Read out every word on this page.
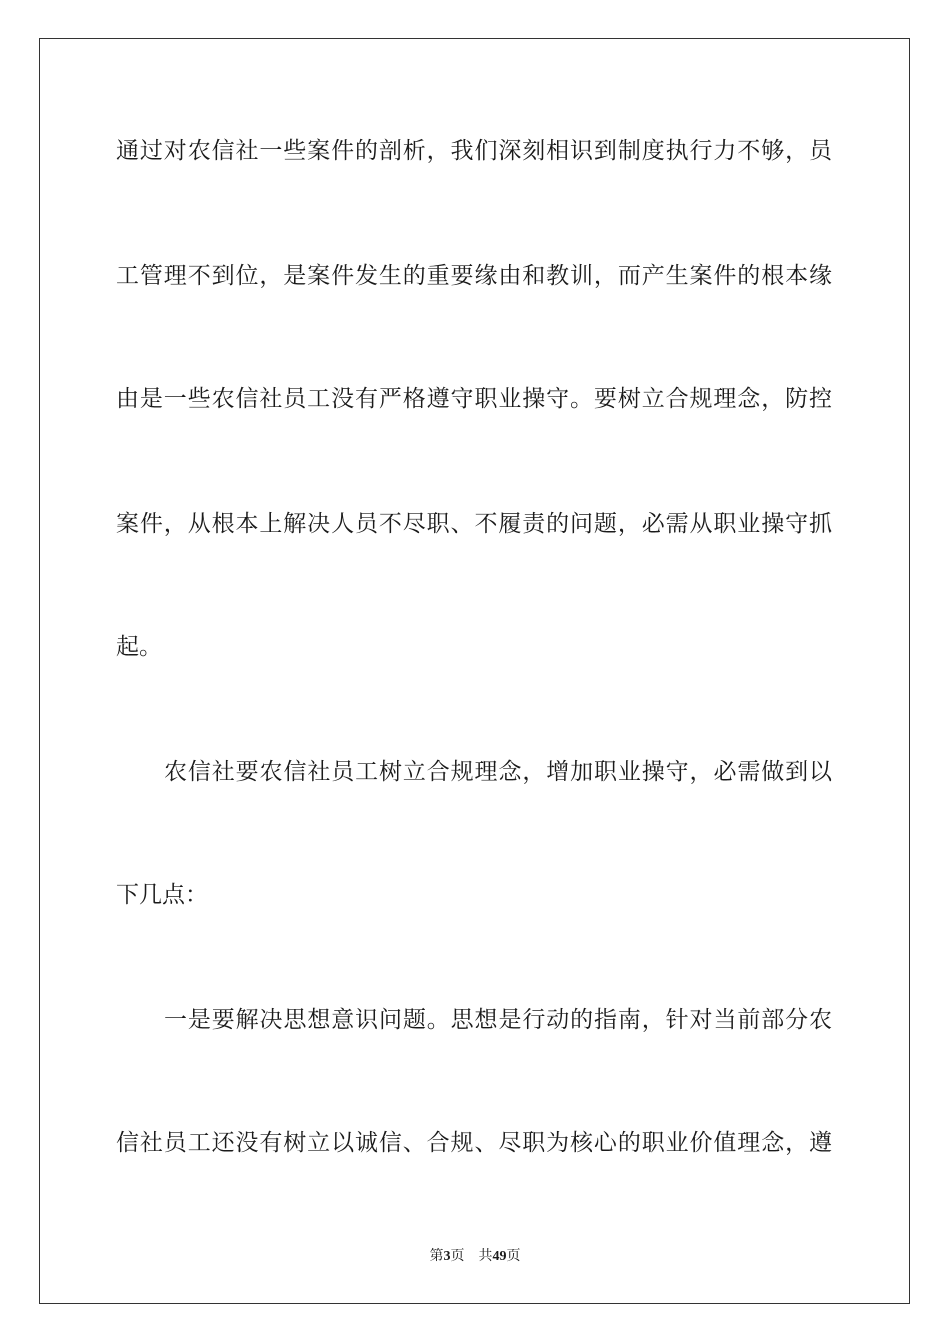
通过对农信社一些案件的剖析，我们深刻相识到制度执行力不够，员
工管理不到位，是案件发生的重要缘由和教训，而产生案件的根本缘
由是一些农信社员工没有严格遵守职业操守。要树立合规理念，防控
案件，从根本上解决人员不尽职、不履责的问题，必需从职业操守抓
起。
农信社要农信社员工树立合规理念，增加职业操守，必需做到以
下几点：
一是要解决思想意识问题。思想是行动的指南，针对当前部分农
信社员工还没有树立以诚信、合规、尽职为核心的职业价值理念，遵
第3页 共49页
